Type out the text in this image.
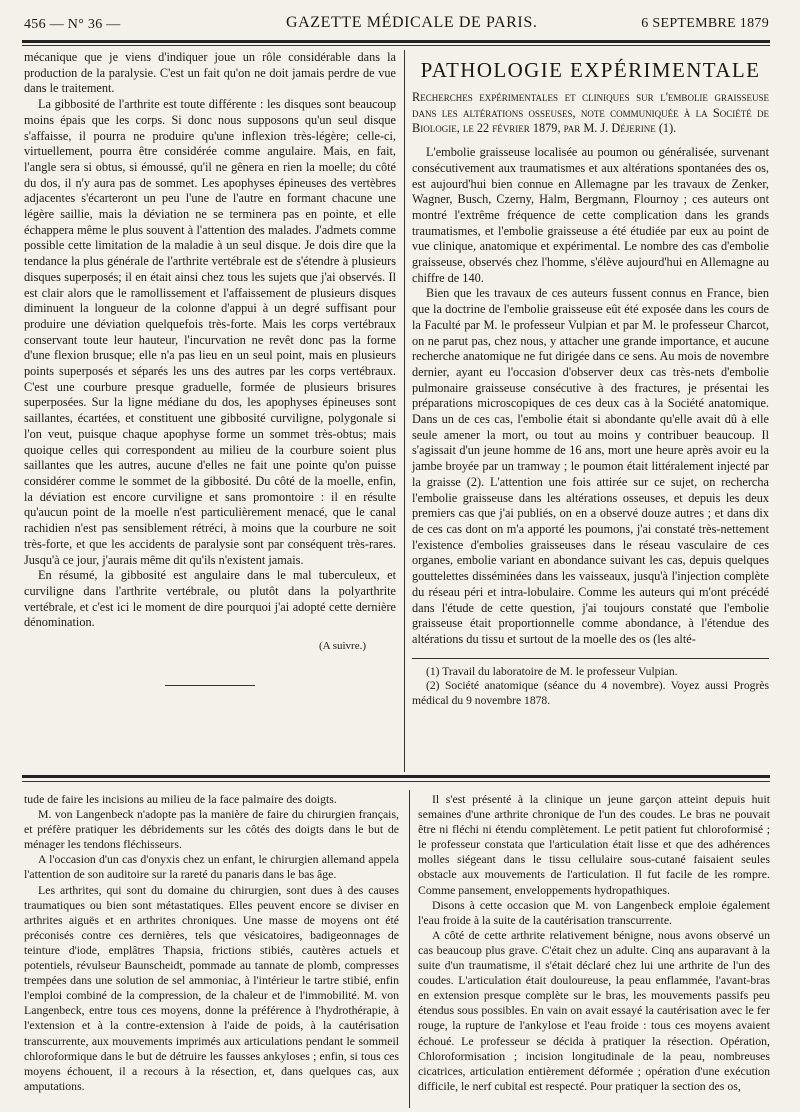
456 — N° 36 —	GAZETTE MÉDICALE DE PARIS.	6 SEPTEMBRE 1879

mécanique que je viens d'indiquer joue un rôle considérable dans la production de la paralysie. C'est un fait qu'on ne doit jamais perdre de vue dans le traitement.

La gibbosité de l'arthrite est toute différente : les disques sont beaucoup moins épais que les corps. Si donc nous supposons qu'un seul disque s'affaisse, il pourra ne produire qu'une inflexion très-légère; celle-ci, virtuellement, pourra être considérée comme angulaire. Mais, en fait, l'angle sera si obtus, si émoussé, qu'il ne gênera en rien la moelle; du côté du dos, il n'y aura pas de sommet. Les apophyses épineuses des vertèbres adjacentes s'écarteront un peu l'une de l'autre en formant chacune une légère saillie, mais la déviation ne se terminera pas en pointe, et elle échappera même le plus souvent à l'attention des malades. J'admets comme possible cette limitation de la maladie à un seul disque. Je dois dire que la tendance la plus générale de l'arthrite vertébrale est de s'étendre à plusieurs disques superposés; il en était ainsi chez tous les sujets que j'ai observés. Il est clair alors que le ramollissement et l'affaissement de plusieurs disques diminuent la longueur de la colonne d'appui à un degré suffisant pour produire une déviation quelquefois très-forte. Mais les corps vertébraux conservant toute leur hauteur, l'incurvation ne revêt donc pas la forme d'une flexion brusque; elle n'a pas lieu en un seul point, mais en plusieurs points superposés et séparés les uns des autres par les corps vertébraux. C'est une courbure presque graduelle, formée de plusieurs brisures superposées. Sur la ligne médiane du dos, les apophyses épineuses sont saillantes, écartées, et constituent une gibbosité curviligne, polygonale si l'on veut, puisque chaque apophyse forme un sommet très-obtus; mais quoique celles qui correspondent au milieu de la courbure soient plus saillantes que les autres, aucune d'elles ne fait une pointe qu'on puisse considérer comme le sommet de la gibbosité. Du côté de la moelle, enfin, la déviation est encore curviligne et sans promontoire : il en résulte qu'aucun point de la moelle n'est particulièrement menacé, que le canal rachidien n'est pas sensiblement rétréci, à moins que la courbure ne soit très-forte, et que les accidents de paralysie sont par conséquent très-rares. Jusqu'à ce jour, j'aurais même dit qu'ils n'existent jamais.

En résumé, la gibbosité est angulaire dans le mal tuberculeux, et curviligne dans l'arthrite vertébrale, ou plutôt dans la polyarthrite vertébrale, et c'est ici le moment de dire pourquoi j'ai adopté cette dernière dénomination.

(A suivre.)

PATHOLOGIE EXPÉRIMENTALE

Recherches expérimentales et cliniques sur l'embolie graisseuse dans les altérations osseuses, note communiquée à la Société de Biologie, le 22 février 1879, par M. J. Déjerine (1).

L'embolie graisseuse localisée au poumon ou généralisée, survenant consécutivement aux traumatismes et aux altérations spontanées des os, est aujourd'hui bien connue en Allemagne par les travaux de Zenker, Wagner, Busch, Czerny, Halm, Bergmann, Flournoy ; ces auteurs ont montré l'extrême fréquence de cette complication dans les grands traumatismes, et l'embolie graisseuse a été étudiée par eux au point de vue clinique, anatomique et expérimental. Le nombre des cas d'embolie graisseuse, observés chez l'homme, s'élève aujourd'hui en Allemagne au chiffre de 140.

Bien que les travaux de ces auteurs fussent connus en France, bien que la doctrine de l'embolie graisseuse eût été exposée dans les cours de la Faculté par M. le professeur Vulpian et par M. le professeur Charcot, on ne parut pas, chez nous, y attacher une grande importance, et aucune recherche anatomique ne fut dirigée dans ce sens. Au mois de novembre dernier, ayant eu l'occasion d'observer deux cas très-nets d'embolie pulmonaire graisseuse consécutive à des fractures, je présentai les préparations microscopiques de ces deux cas à la Société anatomique. Dans un de ces cas, l'embolie était si abondante qu'elle avait dû à elle seule amener la mort, ou tout au moins y contribuer beaucoup. Il s'agissait d'un jeune homme de 16 ans, mort une heure après avoir eu la jambe broyée par un tramway ; le poumon était littéralement injecté par la graisse (2). L'attention une fois attirée sur ce sujet, on rechercha l'embolie graisseuse dans les altérations osseuses, et depuis les deux premiers cas que j'ai publiés, on en a observé douze autres ; et dans dix de ces cas dont on m'a apporté les poumons, j'ai constaté très-nettement l'existence d'embolies graisseuses dans le réseau vasculaire de ces organes, embolie variant en abondance suivant les cas, depuis quelques gouttelettes disséminées dans les vaisseaux, jusqu'à l'injection complète du réseau péri et intra-lobulaire. Comme les auteurs qui m'ont précédé dans l'étude de cette question, j'ai toujours constaté que l'embolie graisseuse était proportionnelle comme abondance, à l'étendue des altérations du tissu et surtout de la moelle des os (les alté-

(1) Travail du laboratoire de M. le professeur Vulpian.

(2) Société anatomique (séance du 4 novembre). Voyez aussi Progrès médical du 9 novembre 1878.

tude de faire les incisions au milieu de la face palmaire des doigts.

M. von Langenbeck n'adopte pas la manière de faire du chirurgien français, et préfère pratiquer les débridements sur les côtés des doigts dans le but de ménager les tendons fléchisseurs.

A l'occasion d'un cas d'onyxis chez un enfant, le chirurgien allemand appela l'attention de son auditoire sur la rareté du panaris dans le bas âge.

Les arthrites, qui sont du domaine du chirurgien, sont dues à des causes traumatiques ou bien sont métastatiques. Elles peuvent encore se diviser en arthrites aiguës et en arthrites chroniques. Une masse de moyens ont été préconisés contre ces dernières, tels que vésicatoires, badigeonnages de teinture d'iode, emplâtres Thapsia, frictions stibiés, cautères actuels et potentiels, révulseur Baunscheidt, pommade au tannate de plomb, compresses trempées dans une solution de sel ammoniac, à l'intérieur le tartre stibié, enfin l'emploi combiné de la compression, de la chaleur et de l'immobilité. M. von Langenbeck, entre tous ces moyens, donne la préférence à l'hydrothérapie, à l'extension et à la contre-extension à l'aide de poids, à la cautérisation transcurrente, aux mouvements imprimés aux articulations pendant le sommeil chloroformique dans le but de détruire les fausses ankyloses ; enfin, si tous ces moyens échouent, il a recours à la résection, et, dans quelques cas, aux amputations.

Il s'est présenté à la clinique un jeune garçon atteint depuis huit semaines d'une arthrite chronique de l'un des coudes. Le bras ne pouvait être ni fléchi ni étendu complètement. Le petit patient fut chloroformisé ; le professeur constata que l'articulation était lisse et que des adhérences molles siégeant dans le tissu cellulaire sous-cutané faisaient seules obstacle aux mouvements de l'articulation. Il fut facile de les rompre. Comme pansement, enveloppements hydropathiques.

Disons à cette occasion que M. von Langenbeck emploie également l'eau froide à la suite de la cautérisation transcurrente.

A côté de cette arthrite relativement bénigne, nous avons observé un cas beaucoup plus grave. C'était chez un adulte. Cinq ans auparavant à la suite d'un traumatisme, il s'était déclaré chez lui une arthrite de l'un des coudes. L'articulation était douloureuse, la peau enflammée, l'avant-bras en extension presque complète sur le bras, les mouvements passifs peu étendus sous possibles. En vain on avait essayé la cautérisation avec le fer rouge, la rupture de l'ankylose et l'eau froide : tous ces moyens avaient échoué. Le professeur se décida à pratiquer la résection. Opération, Chloroformisation ; incision longitudinale de la peau, nombreuses cicatrices, articulation entièrement déformée ; opération d'une exécution difficile, le nerf cubital est respecté. Pour pratiquer la section des os,
